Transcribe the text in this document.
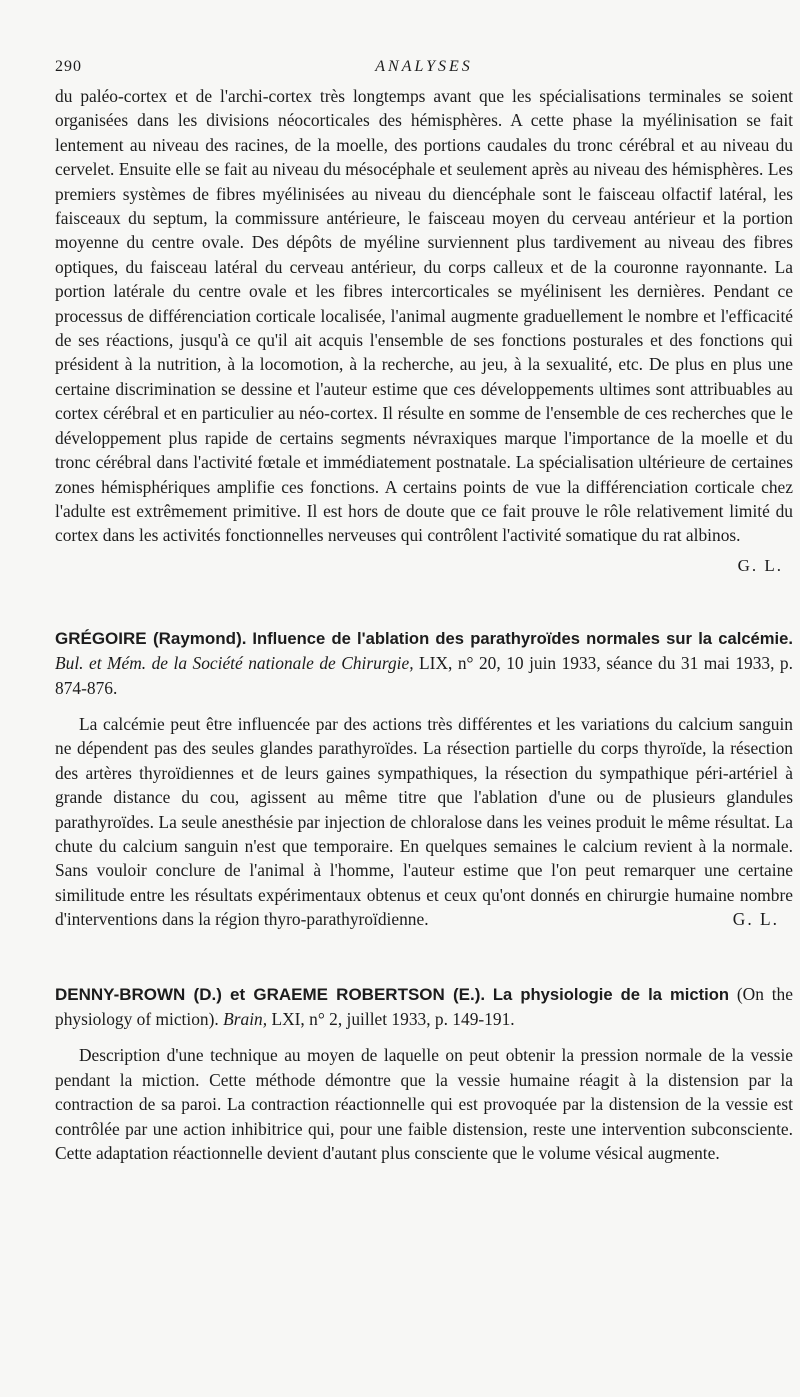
290	ANALYSES

du paléo-cortex et de l'archi-cortex très longtemps avant que les spécialisations terminales se soient organisées dans les divisions néocorticales des hémisphères. A cette phase la myélinisation se fait lentement au niveau des racines, de la moelle, des portions caudales du tronc cérébral et au niveau du cervelet. Ensuite elle se fait au niveau du mésocéphale et seulement après au niveau des hémisphères. Les premiers systèmes de fibres myélinisées au niveau du diencéphale sont le faisceau olfactif latéral, les faisceaux du septum, la commissure antérieure, le faisceau moyen du cerveau antérieur et la portion moyenne du centre ovale. Des dépôts de myéline surviennent plus tardivement au niveau des fibres optiques, du faisceau latéral du cerveau antérieur, du corps calleux et de la couronne rayonnante. La portion latérale du centre ovale et les fibres intercorticales se myélinisent les dernières. Pendant ce processus de différenciation corticale localisée, l'animal augmente graduellement le nombre et l'efficacité de ses réactions, jusqu'à ce qu'il ait acquis l'ensemble de ses fonctions posturales et des fonctions qui président à la nutrition, à la locomotion, à la recherche, au jeu, à la sexualité, etc. De plus en plus une certaine discrimination se dessine et l'auteur estime que ces développements ultimes sont attribuables au cortex cérébral et en particulier au néo-cortex. Il résulte en somme de l'ensemble de ces recherches que le développement plus rapide de certains segments névraxiques marque l'importance de la moelle et du tronc cérébral dans l'activité fœtale et immédiatement postnatale. La spécialisation ultérieure de certaines zones hémisphériques amplifie ces fonctions. A certains points de vue la différenciation corticale chez l'adulte est extrêmement primitive. Il est hors de doute que ce fait prouve le rôle relativement limité du cortex dans les activités fonctionnelles nerveuses qui contrôlent l'activité somatique du rat albinos.

G. L.
GRÉGOIRE (Raymond). Influence de l'ablation des parathyroïdes normales sur la calcémie. Bul. et Mém. de la Société nationale de Chirurgie, LIX, n° 20, 10 juin 1933, séance du 31 mai 1933, p. 874-876.

La calcémie peut être influencée par des actions très différentes et les variations du calcium sanguin ne dépendent pas des seules glandes parathyroïdes. La résection partielle du corps thyroïde, la résection des artères thyroïdiennes et de leurs gaines sympathiques, la résection du sympathique péri-artériel à grande distance du cou, agissent au même titre que l'ablation d'une ou de plusieurs glandules parathyroïdes. La seule anesthésie par injection de chloralose dans les veines produit le même résultat. La chute du calcium sanguin n'est que temporaire. En quelques semaines le calcium revient à la normale. Sans vouloir conclure de l'animal à l'homme, l'auteur estime que l'on peut remarquer une certaine similitude entre les résultats expérimentaux obtenus et ceux qu'ont donnés en chirurgie humaine nombre d'interventions dans la région thyro-parathyroïdienne.	G. L.

DENNY-BROWN (D.) et GRAEME ROBERTSON (E.). La physiologie de la miction (On the physiology of miction). Brain, LXI, n° 2, juillet 1933, p. 149-191.

Description d'une technique au moyen de laquelle on peut obtenir la pression normale de la vessie pendant la miction. Cette méthode démontre que la vessie humaine réagit à la distension par la contraction de sa paroi. La contraction réactionnelle qui est provoquée par la distension de la vessie est contrôlée par une action inhibitrice qui, pour une faible distension, reste une intervention subconsciente. Cette adaptation réactionnelle devient d'autant plus consciente que le volume vésical augmente.
